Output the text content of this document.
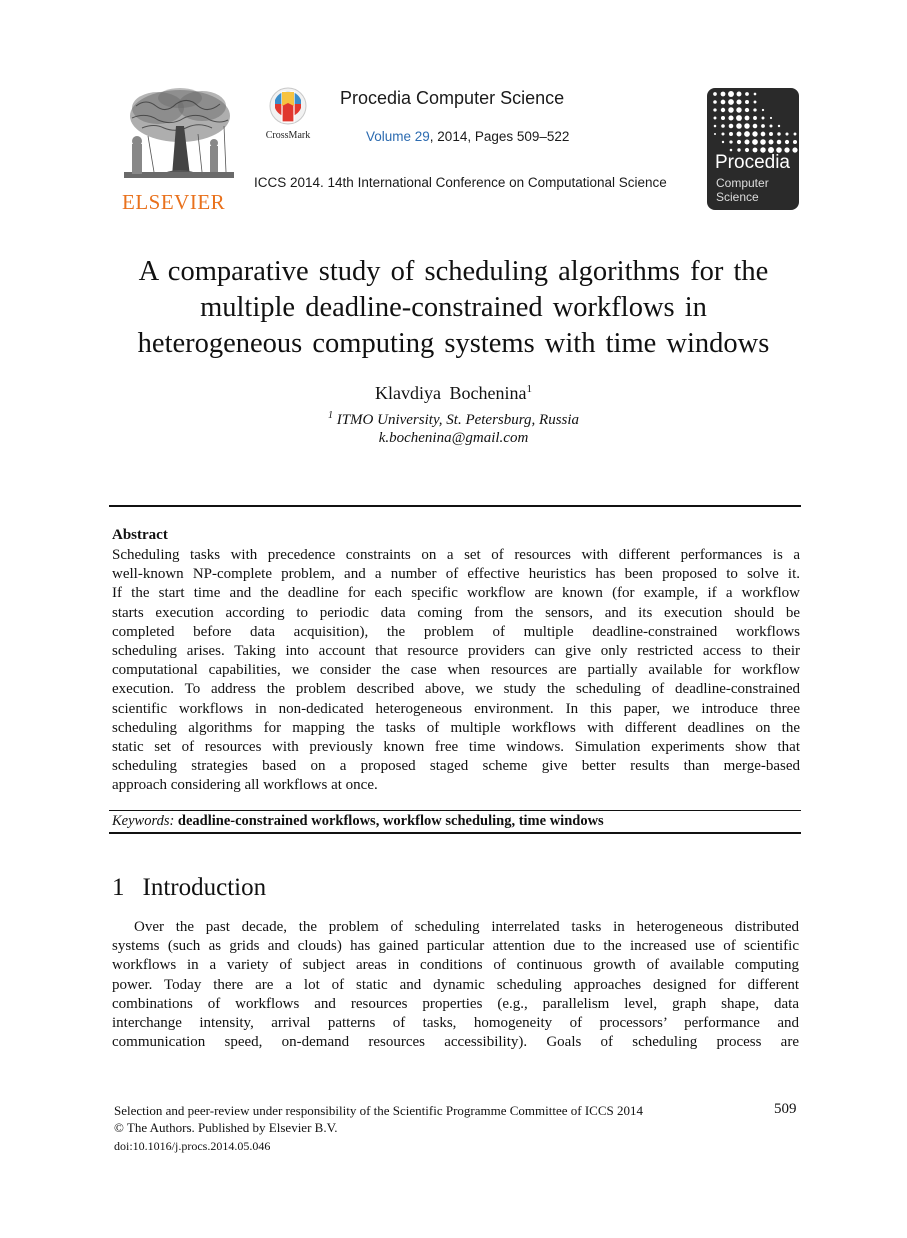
ELSEVIER
CrossMark
Procedia Computer Science
Volume 29, 2014, Pages 509–522
ICCS 2014. 14th International Conference on Computational Science
Procedia
Computer
Science
A comparative study of scheduling algorithms for the
multiple deadline-constrained workflows in
heterogeneous computing systems with time windows
Klavdiya Bochenina$^1$
$^1$ ITMO University, St. Petersburg, Russia
k.bochenina@gmail.com
Abstract
Scheduling tasks with precedence constraints on a set of resources with different performances is a
well-known NP-complete problem, and a number of effective heuristics has been proposed to solve it.
If the start time and the deadline for each specific workflow are known (for example, if a workflow
starts execution according to periodic data coming from the sensors, and its execution should be
completed before data acquisition), the problem of multiple deadline-constrained workflows
scheduling arises. Taking into account that resource providers can give only restricted access to their
computational capabilities, we consider the case when resources are partially available for workflow
execution. To address the problem described above, we study the scheduling of deadline-constrained
scientific workflows in non-dedicated heterogeneous environment. In this paper, we introduce three
scheduling algorithms for mapping the tasks of multiple workflows with different deadlines on the
static set of resources with previously known free time windows. Simulation experiments show that
scheduling strategies based on a proposed staged scheme give better results than merge-based
approach considering all workflows at once.
Keywords: deadline-constrained workflows, workflow scheduling, time windows
1 Introduction
Over the past decade, the problem of scheduling interrelated tasks in heterogeneous distributed
systems (such as grids and clouds) has gained particular attention due to the increased use of scientific
workflows in a variety of subject areas in conditions of continuous growth of available computing
power. Today there are a lot of static and dynamic scheduling approaches designed for different
combinations of workflows and resources properties (e.g., parallelism level, graph shape, data
interchange intensity, arrival patterns of tasks, homogeneity of processors’ performance and
communication speed, on-demand resources accessibility). Goals of scheduling process are
Selection and peer-review under responsibility of the Scientific Programme Committee of ICCS 2014
© The Authors. Published by Elsevier B.V.
doi:10.1016/j.procs.2014.05.046
509
